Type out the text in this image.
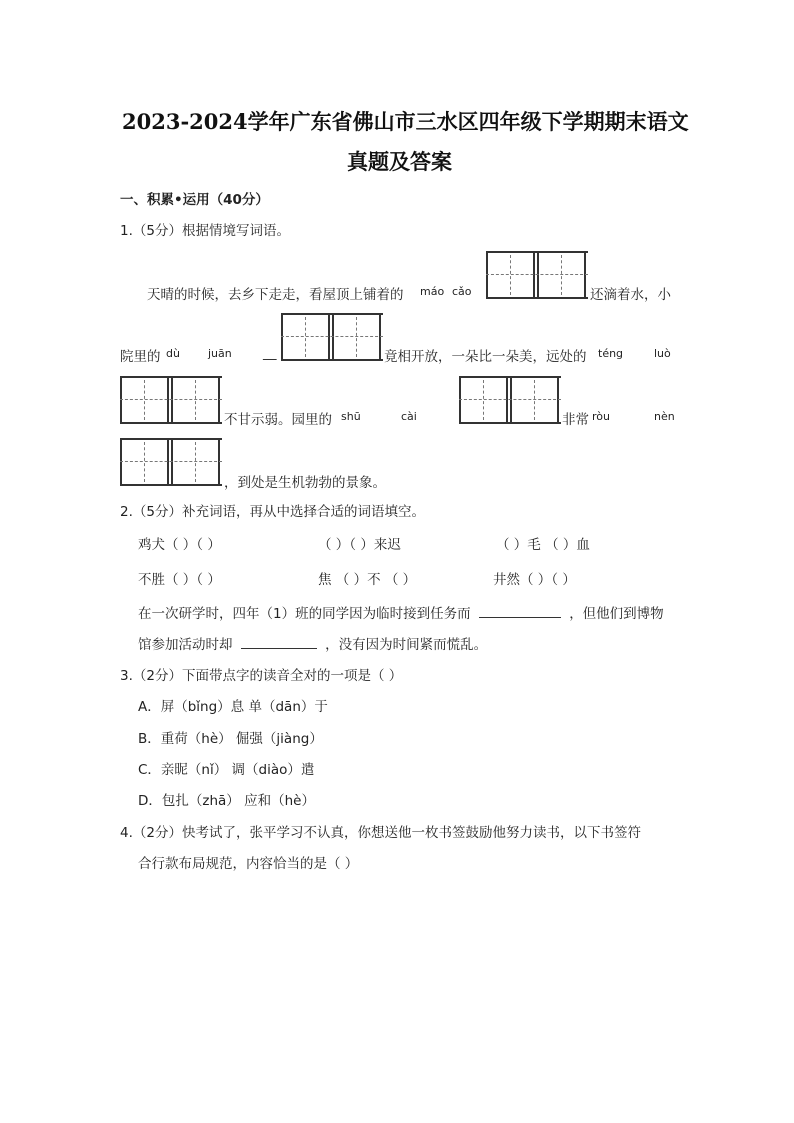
2023-2024学年广东省佛山市三水区四年级下学期期末语文
真题及答案
一、积累•运用（40分）
1.（5分）根据情境写词语。
天晴的时候，去乡下走走，看屋顶上铺着的 máo cǎo	还滴着水，小
院里的 dù	juān __	竟相开放，一朵比一朵美，远处的 téng	luò
不甘示弱。园里的 shū	cài	非常 ròu	nèn
，到处是生机勃勃的景象。
2.（5分）补充词语，再从中选择合适的词语填空。
鸡犬（ ）（ ）	（ ）（ ）来迟	（ ）毛 （ ）血
不胜（ ）（ ）	焦 （ ）不 （ ）	井然（ ）（ ）
在一次研学时，四年（1）班的同学因为临时接到任务而	，但他们到博物
馆参加活动时却	，没有因为时间紧而慌乱。
3.（2分）下面带点字的读音全对的一项是（ ）
A．屏（bǐng）息 单（dān）于
B．重荷（hè） 倔强（jiàng）
C．亲昵（nǐ） 调（diào）遣
D．包扎（zhā） 应和（hè）
4.（2分）快考试了，张平学习不认真，你想送他一枚书签鼓励他努力读书，以下书签符
合行款布局规范，内容恰当的是（ ）
